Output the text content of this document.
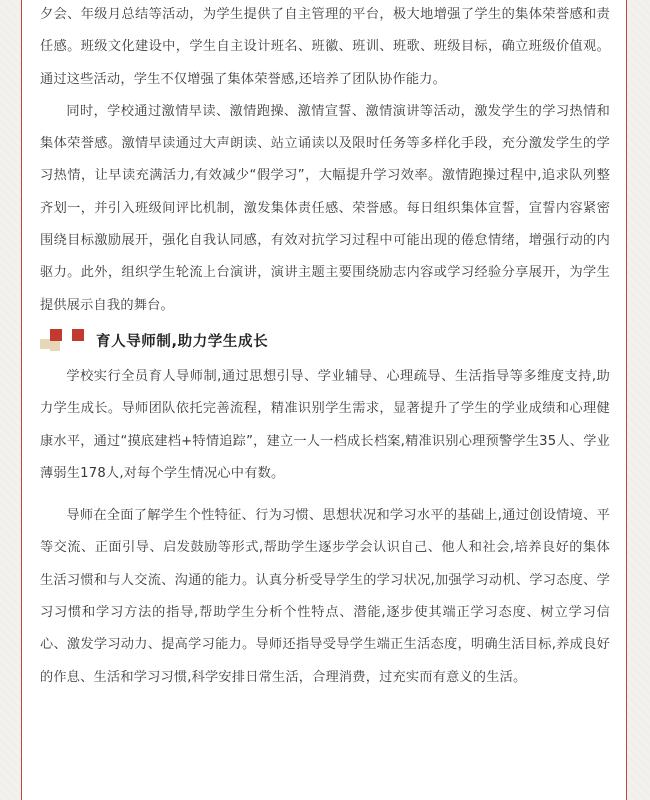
夕会、年级月总结等活动，为学生提供了自主管理的平台，极大地增强了学生的集体荣誉感和责任感。班级文化建设中，学生自主设计班名、班徽、班训、班歌、班级目标，确立班级价值观。通过这些活动，学生不仅增强了集体荣誉感,还培养了团队协作能力。

同时，学校通过激情早读、激情跑操、激情宣誓、激情演讲等活动，激发学生的学习热情和集体荣誉感。激情早读通过大声朗读、站立诵读以及限时任务等多样化手段，充分激发学生的学习热情，让早读充满活力,有效减少“假学习”，大幅提升学习效率。激情跑操过程中,追求队列整齐划一，并引入班级间评比机制，激发集体责任感、荣誉感。每日组织集体宣誓，宣誓内容紧密围绕目标激励展开，强化自我认同感，有效对抗学习过程中可能出现的倦怠情绪，增强行动的内驱力。此外，组织学生轮流上台演讲，演讲主题主要围绕励志内容或学习经验分享展开，为学生提供展示自我的舞台。

育人导师制,助力学生成长

学校实行全员育人导师制,通过思想引导、学业辅导、心理疏导、生活指导等多维度支持,助力学生成长。导师团队依托完善流程，精准识别学生需求，显著提升了学生的学业成绩和心理健康水平，通过“摸底建档+特情追踪”，建立一人一档成长档案,精准识别心理预警学生35人、学业薄弱生178人,对每个学生情况心中有数。

导师在全面了解学生个性特征、行为习惯、思想状况和学习水平的基础上,通过创设情境、平等交流、正面引导、启发鼓励等形式,帮助学生逐步学会认识自己、他人和社会,培养良好的集体生活习惯和与人交流、沟通的能力。认真分析受导学生的学习状况,加强学习动机、学习态度、学习习惯和学习方法的指导,帮助学生分析个性特点、潜能,逐步使其端正学习态度、树立学习信心、激发学习动力、提高学习能力。导师还指导受导学生端正生活态度，明确生活目标,养成良好的作息、生活和学习习惯,科学安排日常生活，合理消费，过充实而有意义的生活。
